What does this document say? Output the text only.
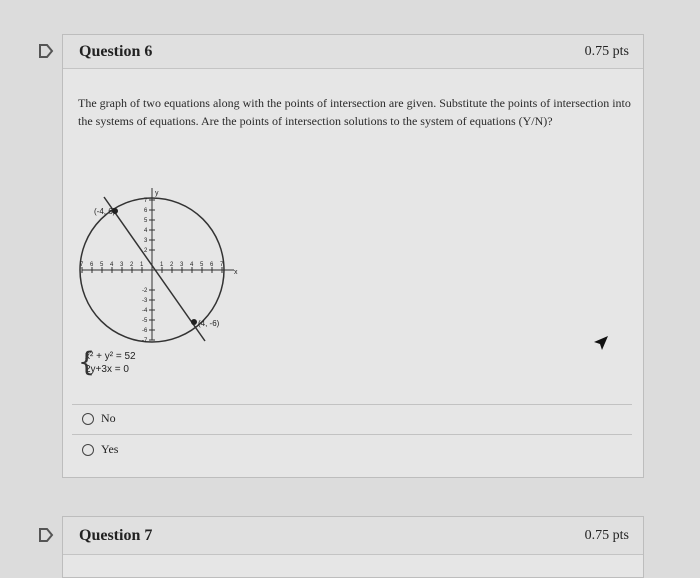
Question 6	0.75 pts
The graph of two equations along with the points of intersection are given. Substitute the points of intersection into the systems of equations. Are the points of intersection solutions to the system of equations (Y/N)?
(-4, 6)
(4, -6)
x
y
7 6 5 4 3 2 1	1 2 3 4 5 6 7
7
6
5
4
3
2
-2
-3
-4
-5
-6
-7
{
x² + y² = 52
2y+3x = 0
No
Yes
Question 7	0.75 pts
